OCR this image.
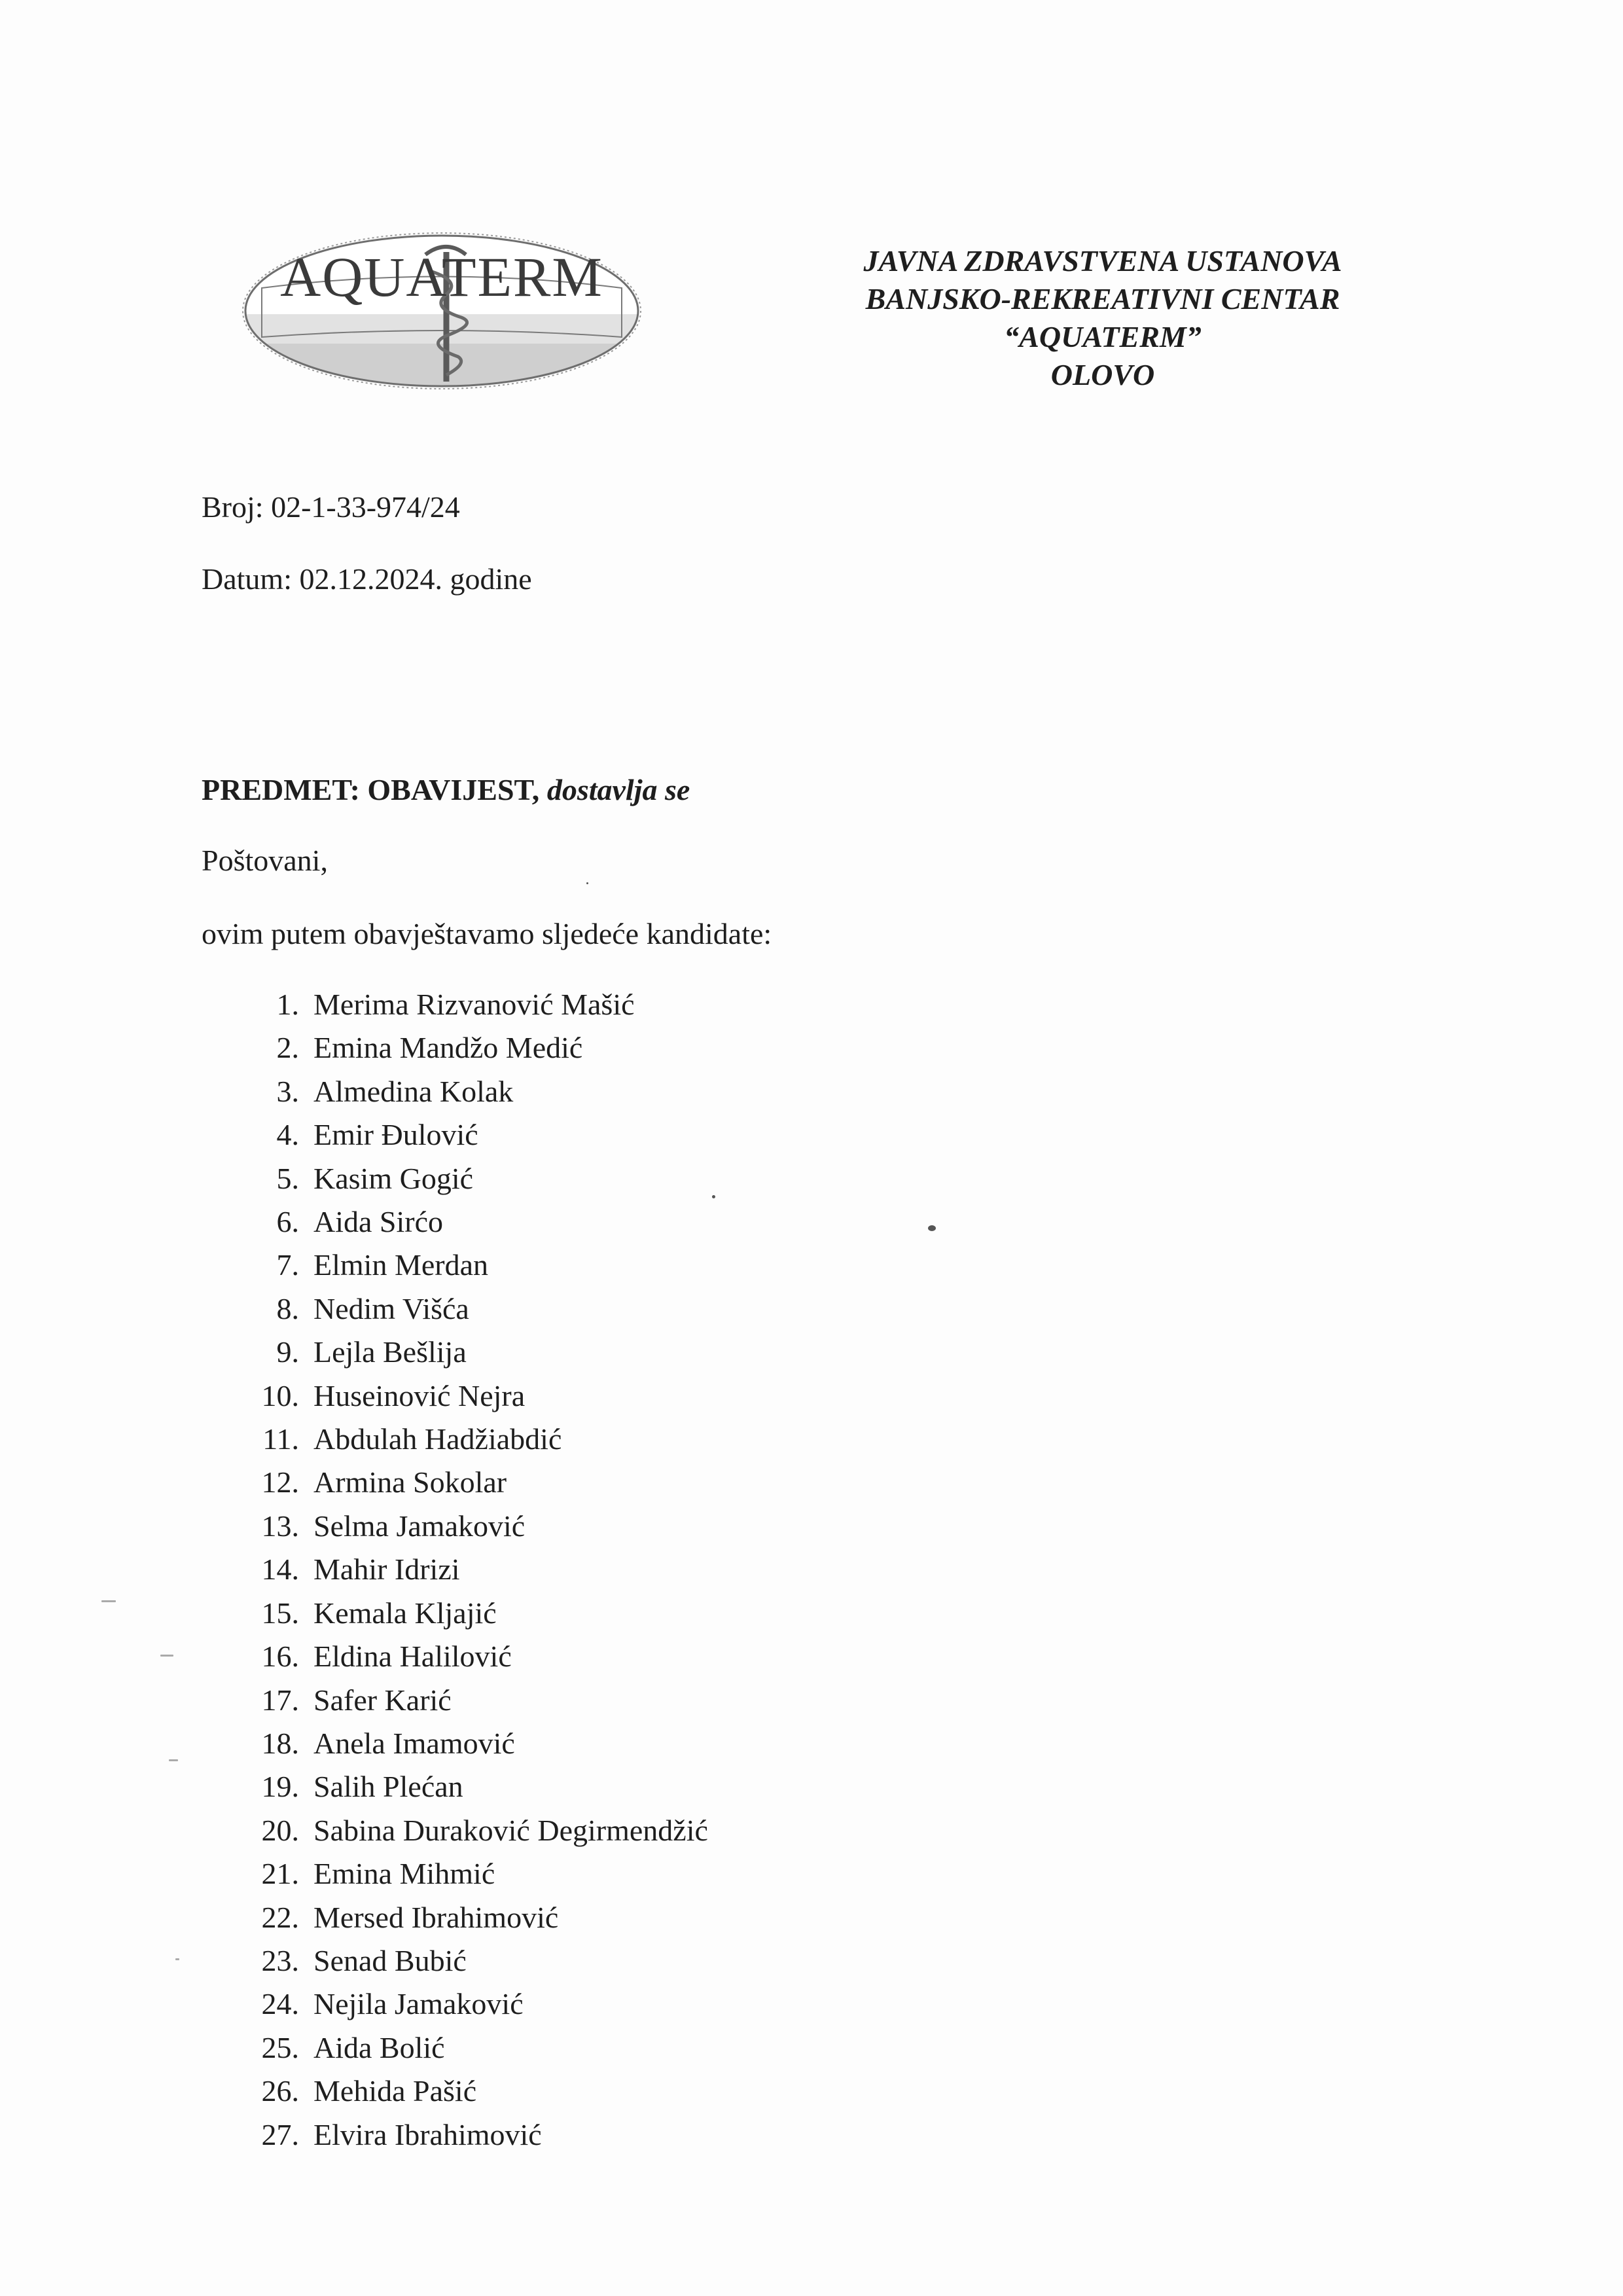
AQUATERM	JAVNA ZDRAVSTVENA USTANOVA
BANJSKO-REKREATIVNI CENTAR
“AQUATERM”
OLOVO
Broj: 02-1-33-974/24
Datum: 02.12.2024. godine
PREDMET: OBAVIJEST, dostavlja se
Poštovani,
ovim putem obavještavamo sljedeće kandidate:
1. Merima Rizvanović Mašić
2. Emina Mandžo Medić
3. Almedina Kolak
4. Emir Đulović
5. Kasim Gogić
6. Aida Sirćo
7. Elmin Merdan
8. Nedim Višća
9. Lejla Bešlija
10. Huseinović Nejra
11. Abdulah Hadžiabdić
12. Armina Sokolar
13. Selma Jamaković
14. Mahir Idrizi
15. Kemala Kljajić
16. Eldina Halilović
17. Safer Karić
18. Anela Imamović
19. Salih Plećan
20. Sabina Duraković Degirmendžić
21. Emina Mihmić
22. Mersed Ibrahimović
23. Senad Bubić
24. Nejila Jamaković
25. Aida Bolić
26. Mehida Pašić
27. Elvira Ibrahimović
